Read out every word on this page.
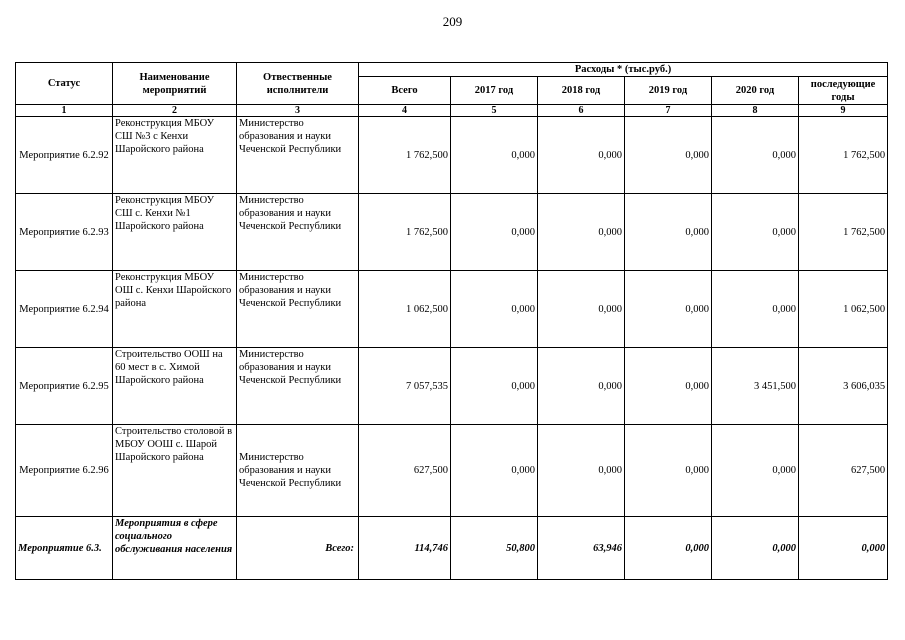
209
Статус	Наименование мероприятий	Отвественные исполнители	Расходы * (тыс.руб.)					
			Всего	2017 год	2018 год	2019 год	2020 год	последующие годы
1	2	3	4	5	6	7	8	9
Мероприятие 6.2.92	Реконструкция МБОУ СШ №3 с Кенхи Шаройского района	Министерство образования и науки Чеченской Республики	1 762,500	0,000	0,000	0,000	0,000	1 762,500
Мероприятие 6.2.93	Реконструкция МБОУ СШ с. Кенхи №1 Шаройского района	Министерство образования и науки Чеченской Республики	1 762,500	0,000	0,000	0,000	0,000	1 762,500
Мероприятие 6.2.94	Реконструкция МБОУ ОШ с. Кенхи Шаройского района	Министерство образования и науки Чеченской Республики	1 062,500	0,000	0,000	0,000	0,000	1 062,500
Мероприятие 6.2.95	Строительство ООШ на 60 мест в с. Химой Шаройского района	Министерство образования и науки Чеченской Республики	7 057,535	0,000	0,000	0,000	3 451,500	3 606,035
Мероприятие 6.2.96	Строительство столовой в МБОУ ООШ с. Шарой Шаройского района	Министерство образования и науки Чеченской Республики	627,500	0,000	0,000	0,000	0,000	627,500
Мероприятие 6.3.	Мероприятия в сфере социального обслуживания населения	Всего:	114,746	50,800	63,946	0,000	0,000	0,000
